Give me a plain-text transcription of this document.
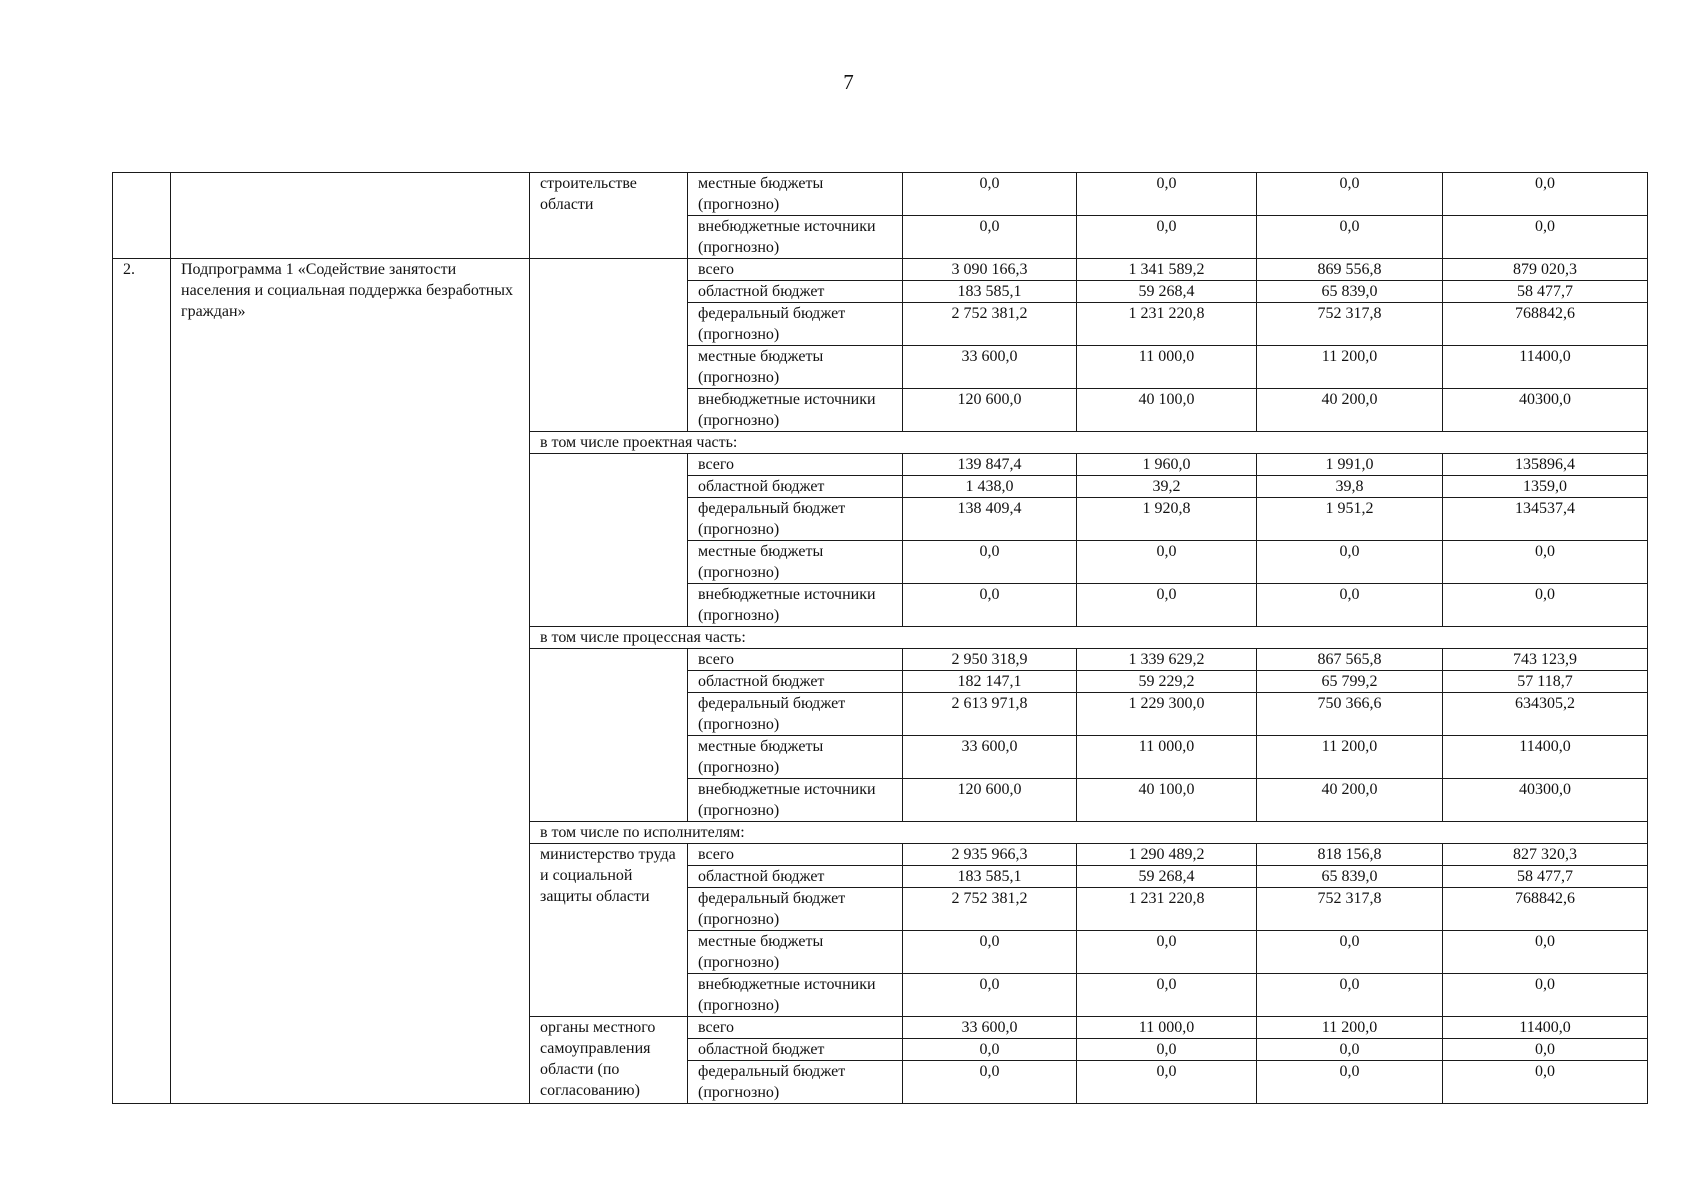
7
		строительстве области	местные бюджеты (прогнозно)	0,0	0,0	0,0	0,0
			внебюджетные источники (прогнозно)	0,0	0,0	0,0	0,0
2.	Подпрограмма 1 «Содействие занятости населения и социальная поддержка безработных граждан»		всего	3 090 166,3	1 341 589,2	869 556,8	879 020,3
			областной бюджет	183 585,1	59 268,4	65 839,0	58 477,7
			федеральный бюджет (прогнозно)	2 752 381,2	1 231 220,8	752 317,8	768842,6
			местные бюджеты (прогнозно)	33 600,0	11 000,0	11 200,0	11400,0
			внебюджетные источники (прогнозно)	120 600,0	40 100,0	40 200,0	40300,0
		в том числе проектная часть:					
			всего	139 847,4	1 960,0	1 991,0	135896,4
			областной бюджет	1 438,0	39,2	39,8	1359,0
			федеральный бюджет (прогнозно)	138 409,4	1 920,8	1 951,2	134537,4
			местные бюджеты (прогнозно)	0,0	0,0	0,0	0,0
			внебюджетные источники (прогнозно)	0,0	0,0	0,0	0,0
		в том числе процессная часть:					
			всего	2 950 318,9	1 339 629,2	867 565,8	743 123,9
			областной бюджет	182 147,1	59 229,2	65 799,2	57 118,7
			федеральный бюджет (прогнозно)	2 613 971,8	1 229 300,0	750 366,6	634305,2
			местные бюджеты (прогнозно)	33 600,0	11 000,0	11 200,0	11400,0
			внебюджетные источники (прогнозно)	120 600,0	40 100,0	40 200,0	40300,0
		в том числе по исполнителям:					
		министерство труда и социальной защиты области	всего	2 935 966,3	1 290 489,2	818 156,8	827 320,3
			областной бюджет	183 585,1	59 268,4	65 839,0	58 477,7
			федеральный бюджет (прогнозно)	2 752 381,2	1 231 220,8	752 317,8	768842,6
			местные бюджеты (прогнозно)	0,0	0,0	0,0	0,0
			внебюджетные источники (прогнозно)	0,0	0,0	0,0	0,0
		органы местного самоуправления области (по согласованию)	всего	33 600,0	11 000,0	11 200,0	11400,0
			областной бюджет	0,0	0,0	0,0	0,0
			федеральный бюджет (прогнозно)	0,0	0,0	0,0	0,0
